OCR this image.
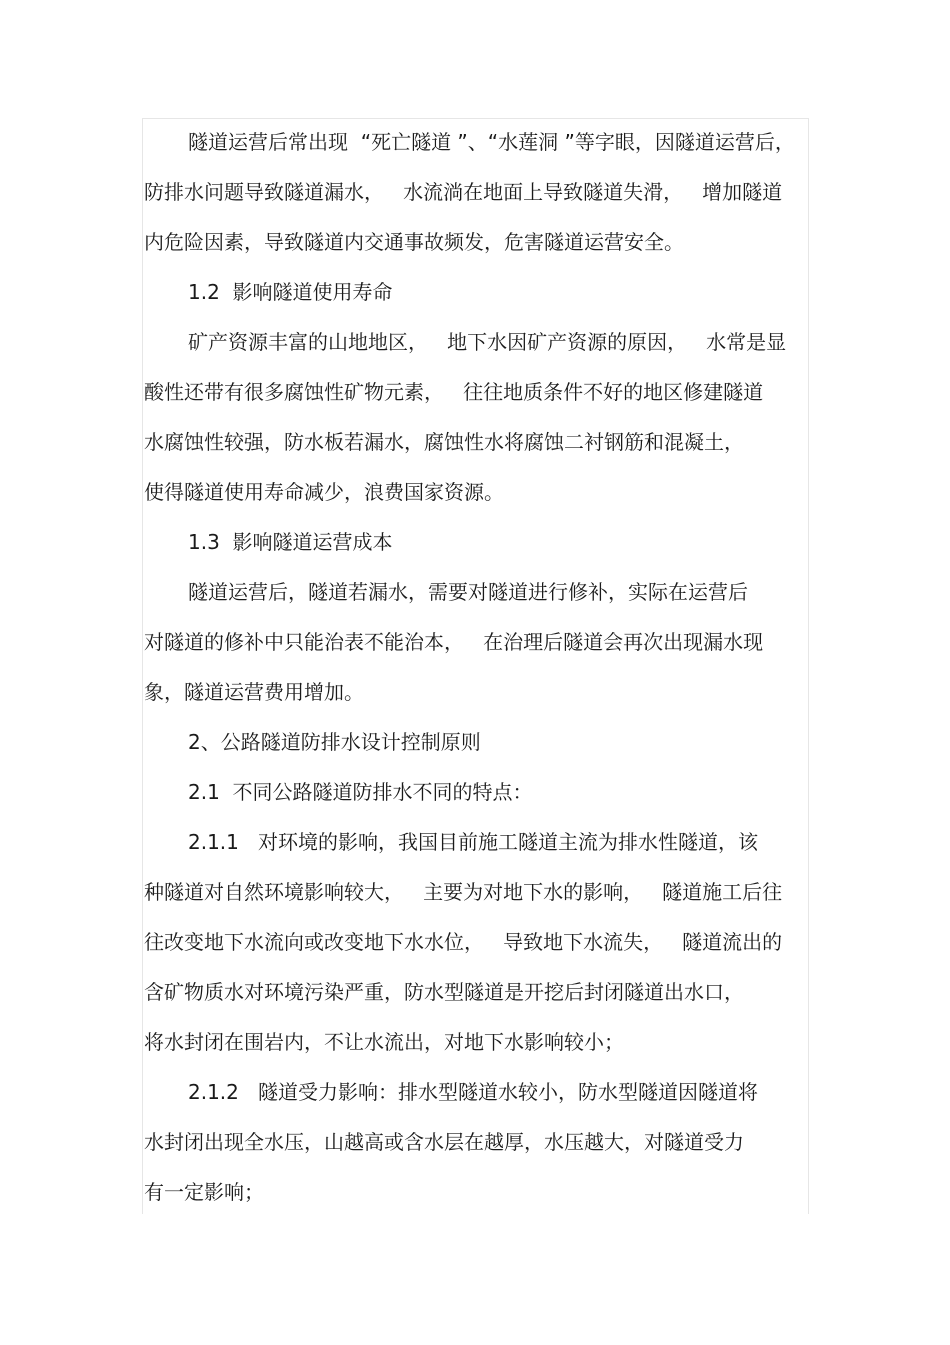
隧道运营后常出现  “死亡隧道 ”、“水莲洞 ”等字眼，因隧道运营后，
防排水问题导致隧道漏水，   水流淌在地面上导致隧道失滑，   增加隧道
内危险因素，导致隧道内交通事故频发，危害隧道运营安全。
1.2  影响隧道使用寿命
矿产资源丰富的山地地区，   地下水因矿产资源的原因，   水常是显
酸性还带有很多腐蚀性矿物元素，   往往地质条件不好的地区修建隧道
水腐蚀性较强，防水板若漏水，腐蚀性水将腐蚀二衬钢筋和混凝土，
使得隧道使用寿命减少，浪费国家资源。
1.3  影响隧道运营成本
隧道运营后，隧道若漏水，需要对隧道进行修补，实际在运营后
对隧道的修补中只能治表不能治本，   在治理后隧道会再次出现漏水现
象，隧道运营费用增加。
2、公路隧道防排水设计控制原则
2.1  不同公路隧道防排水不同的特点：
2.1.1   对环境的影响，我国目前施工隧道主流为排水性隧道，该
种隧道对自然环境影响较大，   主要为对地下水的影响，   隧道施工后往
往改变地下水流向或改变地下水水位，   导致地下水流失，   隧道流出的
含矿物质水对环境污染严重，防水型隧道是开挖后封闭隧道出水口，
将水封闭在围岩内，不让水流出，对地下水影响较小；
2.1.2   隧道受力影响：排水型隧道水较小，防水型隧道因隧道将
水封闭出现全水压，山越高或含水层在越厚，水压越大，对隧道受力
有一定影响；
